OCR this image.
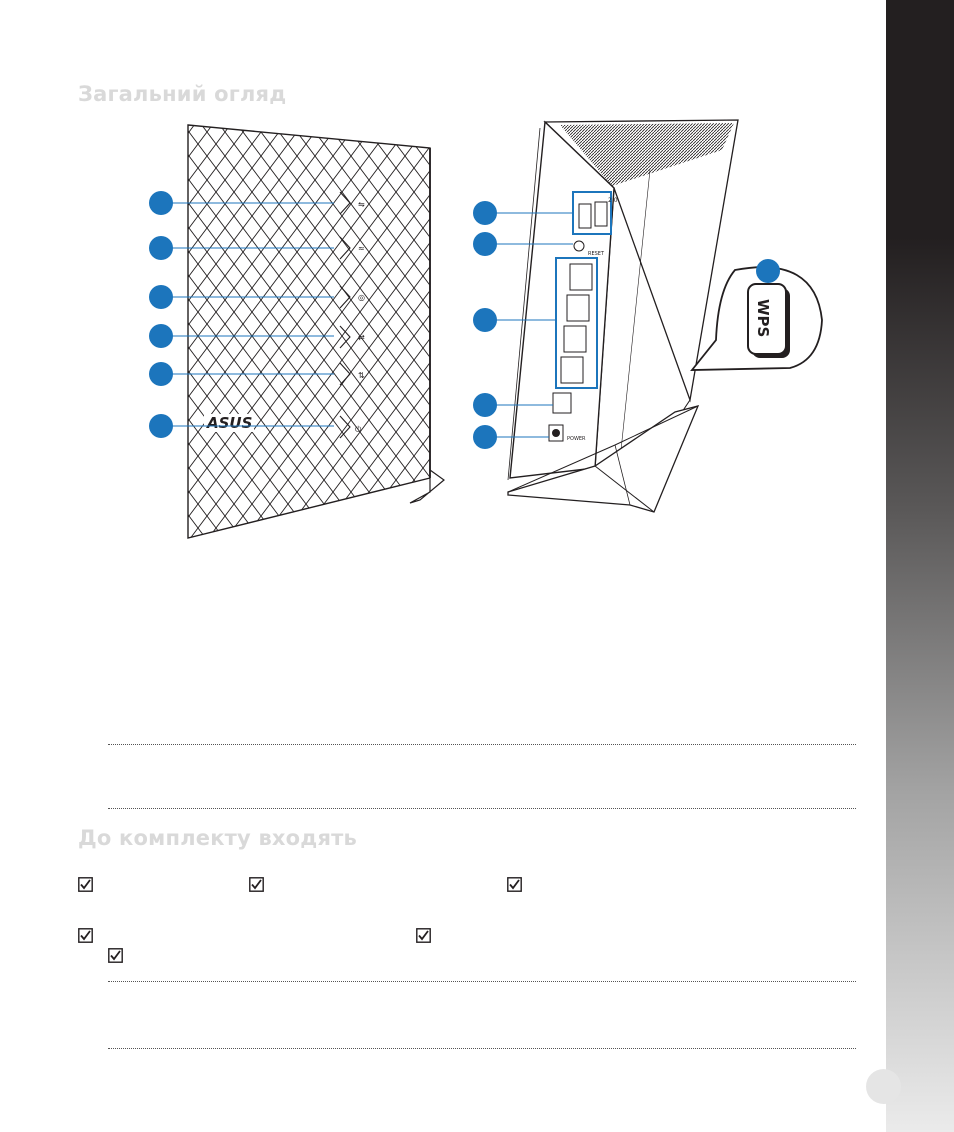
Загальний огляд
⇋
≈
◎
⇄
⇅
⏻
ASUS
2.0
RESET
POWER
WPS
До комплекту входять
